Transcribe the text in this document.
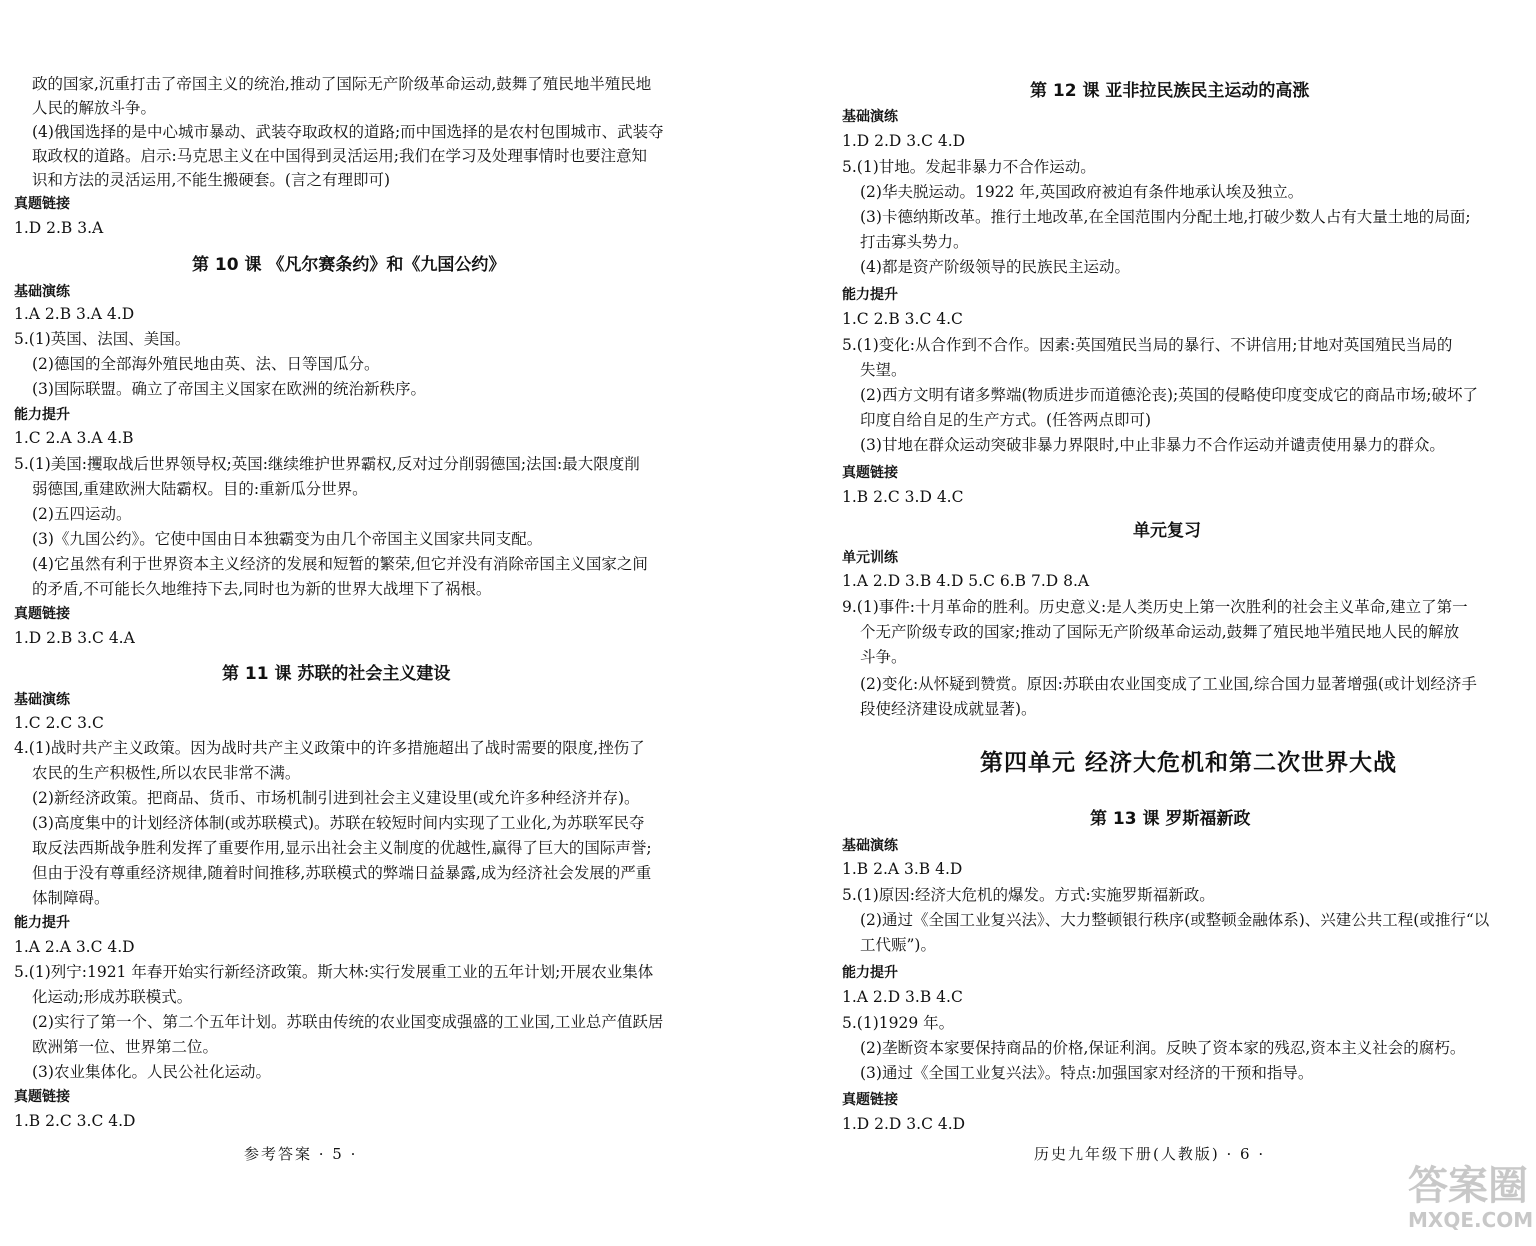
政的国家,沉重打击了帝国主义的统治,推动了国际无产阶级革命运动,鼓舞了殖民地半殖民地
人民的解放斗争。
(4)俄国选择的是中心城市暴动、武装夺取政权的道路;而中国选择的是农村包围城市、武装夺
取政权的道路。启示:马克思主义在中国得到灵活运用;我们在学习及处理事情时也要注意知
识和方法的灵活运用,不能生搬硬套。(言之有理即可)
真题链接
1.D 2.B 3.A
第 10 课 《凡尔赛条约》和《九国公约》
基础演练
1.A 2.B 3.A 4.D
5.(1)英国、法国、美国。
(2)德国的全部海外殖民地由英、法、日等国瓜分。
(3)国际联盟。确立了帝国主义国家在欧洲的统治新秩序。
能力提升
1.C 2.A 3.A 4.B
5.(1)美国:攫取战后世界领导权;英国:继续维护世界霸权,反对过分削弱德国;法国:最大限度削
弱德国,重建欧洲大陆霸权。目的:重新瓜分世界。
(2)五四运动。
(3)《九国公约》。它使中国由日本独霸变为由几个帝国主义国家共同支配。
(4)它虽然有利于世界资本主义经济的发展和短暂的繁荣,但它并没有消除帝国主义国家之间
的矛盾,不可能长久地维持下去,同时也为新的世界大战埋下了祸根。
真题链接
1.D 2.B 3.C 4.A
第 11 课 苏联的社会主义建设
基础演练
1.C 2.C 3.C
4.(1)战时共产主义政策。因为战时共产主义政策中的许多措施超出了战时需要的限度,挫伤了
农民的生产积极性,所以农民非常不满。
(2)新经济政策。把商品、货币、市场机制引进到社会主义建设里(或允许多种经济并存)。
(3)高度集中的计划经济体制(或苏联模式)。苏联在较短时间内实现了工业化,为苏联军民夺
取反法西斯战争胜利发挥了重要作用,显示出社会主义制度的优越性,赢得了巨大的国际声誉;
但由于没有尊重经济规律,随着时间推移,苏联模式的弊端日益暴露,成为经济社会发展的严重
体制障碍。
能力提升
1.A 2.A 3.C 4.D
5.(1)列宁:1921 年春开始实行新经济政策。斯大林:实行发展重工业的五年计划;开展农业集体
化运动;形成苏联模式。
(2)实行了第一个、第二个五年计划。苏联由传统的农业国变成强盛的工业国,工业总产值跃居
欧洲第一位、世界第二位。
(3)农业集体化。人民公社化运动。
真题链接
1.B 2.C 3.C 4.D
参考答案 · 5 ·
第 12 课 亚非拉民族民主运动的高涨
基础演练
1.D 2.D 3.C 4.D
5.(1)甘地。发起非暴力不合作运动。
(2)华夫脱运动。1922 年,英国政府被迫有条件地承认埃及独立。
(3)卡德纳斯改革。推行土地改革,在全国范围内分配土地,打破少数人占有大量土地的局面;
打击寡头势力。
(4)都是资产阶级领导的民族民主运动。
能力提升
1.C 2.B 3.C 4.C
5.(1)变化:从合作到不合作。因素:英国殖民当局的暴行、不讲信用;甘地对英国殖民当局的
失望。
(2)西方文明有诸多弊端(物质进步而道德沦丧);英国的侵略使印度变成它的商品市场;破坏了
印度自给自足的生产方式。(任答两点即可)
(3)甘地在群众运动突破非暴力界限时,中止非暴力不合作运动并谴责使用暴力的群众。
真题链接
1.B 2.C 3.D 4.C
单元复习
单元训练
1.A 2.D 3.B 4.D 5.C 6.B 7.D 8.A
9.(1)事件:十月革命的胜利。历史意义:是人类历史上第一次胜利的社会主义革命,建立了第一
个无产阶级专政的国家;推动了国际无产阶级革命运动,鼓舞了殖民地半殖民地人民的解放
斗争。
(2)变化:从怀疑到赞赏。原因:苏联由农业国变成了工业国,综合国力显著增强(或计划经济手
段使经济建设成就显著)。
第四单元 经济大危机和第二次世界大战
第 13 课 罗斯福新政
基础演练
1.B 2.A 3.B 4.D
5.(1)原因:经济大危机的爆发。方式:实施罗斯福新政。
(2)通过《全国工业复兴法》、大力整顿银行秩序(或整顿金融体系)、兴建公共工程(或推行“以
工代赈”)。
能力提升
1.A 2.D 3.B 4.C
5.(1)1929 年。
(2)垄断资本家要保持商品的价格,保证利润。反映了资本家的残忍,资本主义社会的腐朽。
(3)通过《全国工业复兴法》。特点:加强国家对经济的干预和指导。
真题链接
1.D 2.D 3.C 4.D
历史九年级下册(人教版) · 6 ·
答案圈
MXQE.COM
